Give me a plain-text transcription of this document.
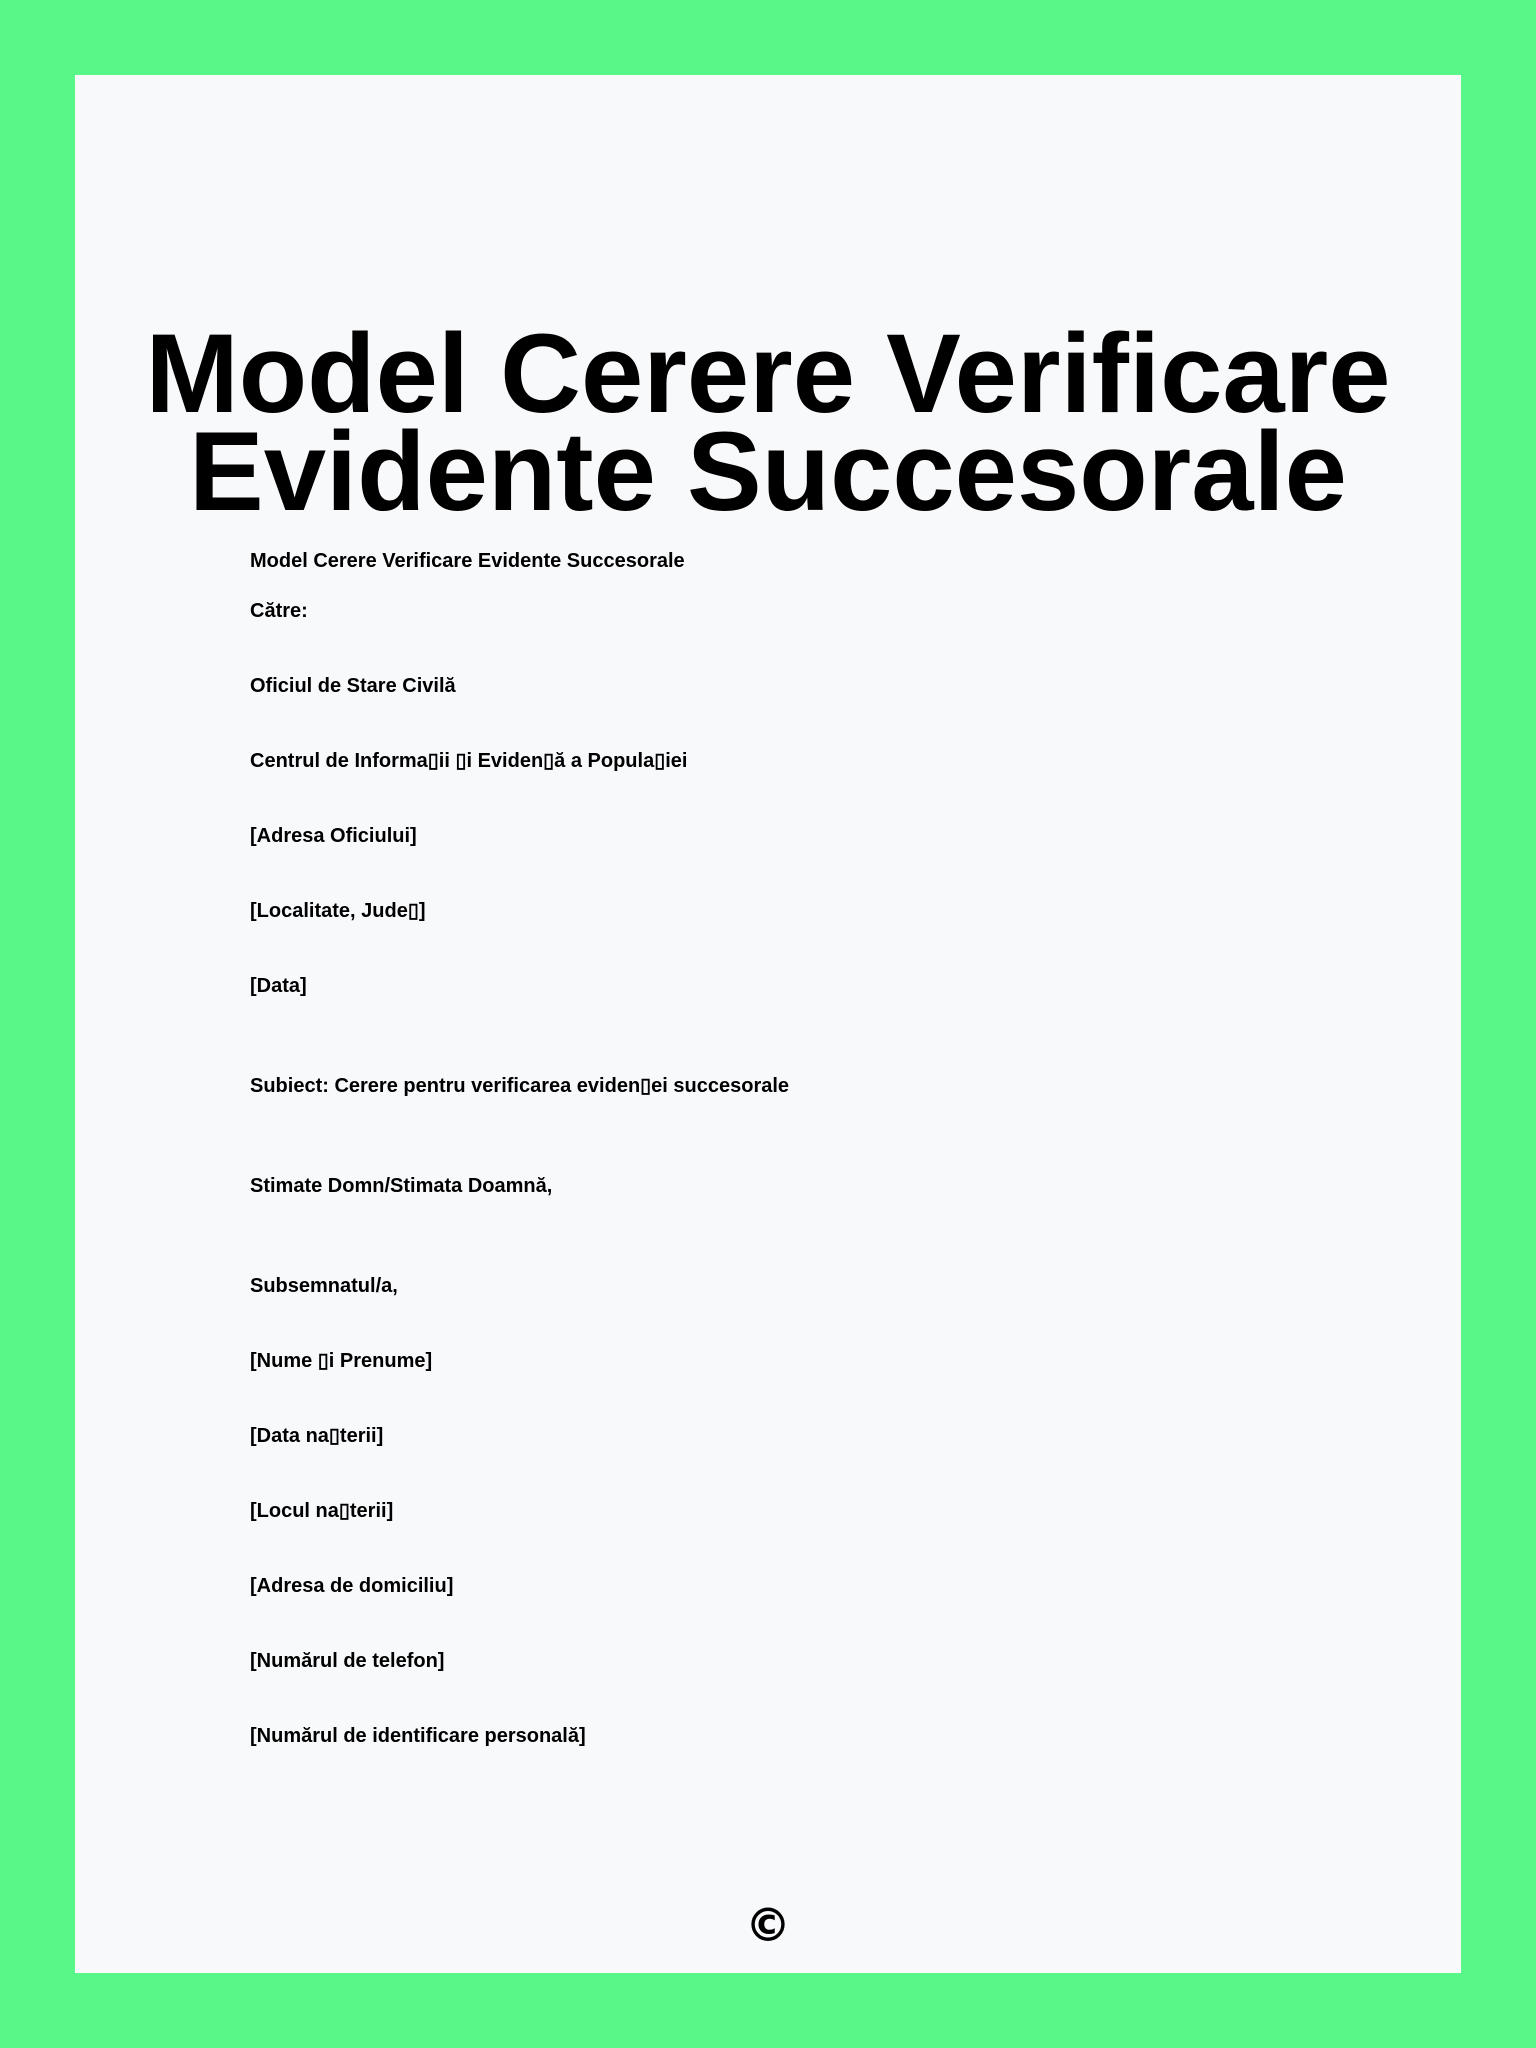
Model Cerere Verificare
Evidente Succesorale

Model Cerere Verificare Evidente Succesorale

Către:

Oficiul de Stare Civilă

Centrul de Informa▯ii ▯i Eviden▯ă a Popula▯iei

[Adresa Oficiului]

[Localitate, Jude▯]

[Data]

Subiect: Cerere pentru verificarea eviden▯ei succesorale

Stimate Domn/Stimata Doamnă,

Subsemnatul/a,

[Nume ▯i Prenume]

[Data na▯terii]

[Locul na▯terii]

[Adresa de domiciliu]

[Numărul de telefon]

[Numărul de identificare personală]

©
